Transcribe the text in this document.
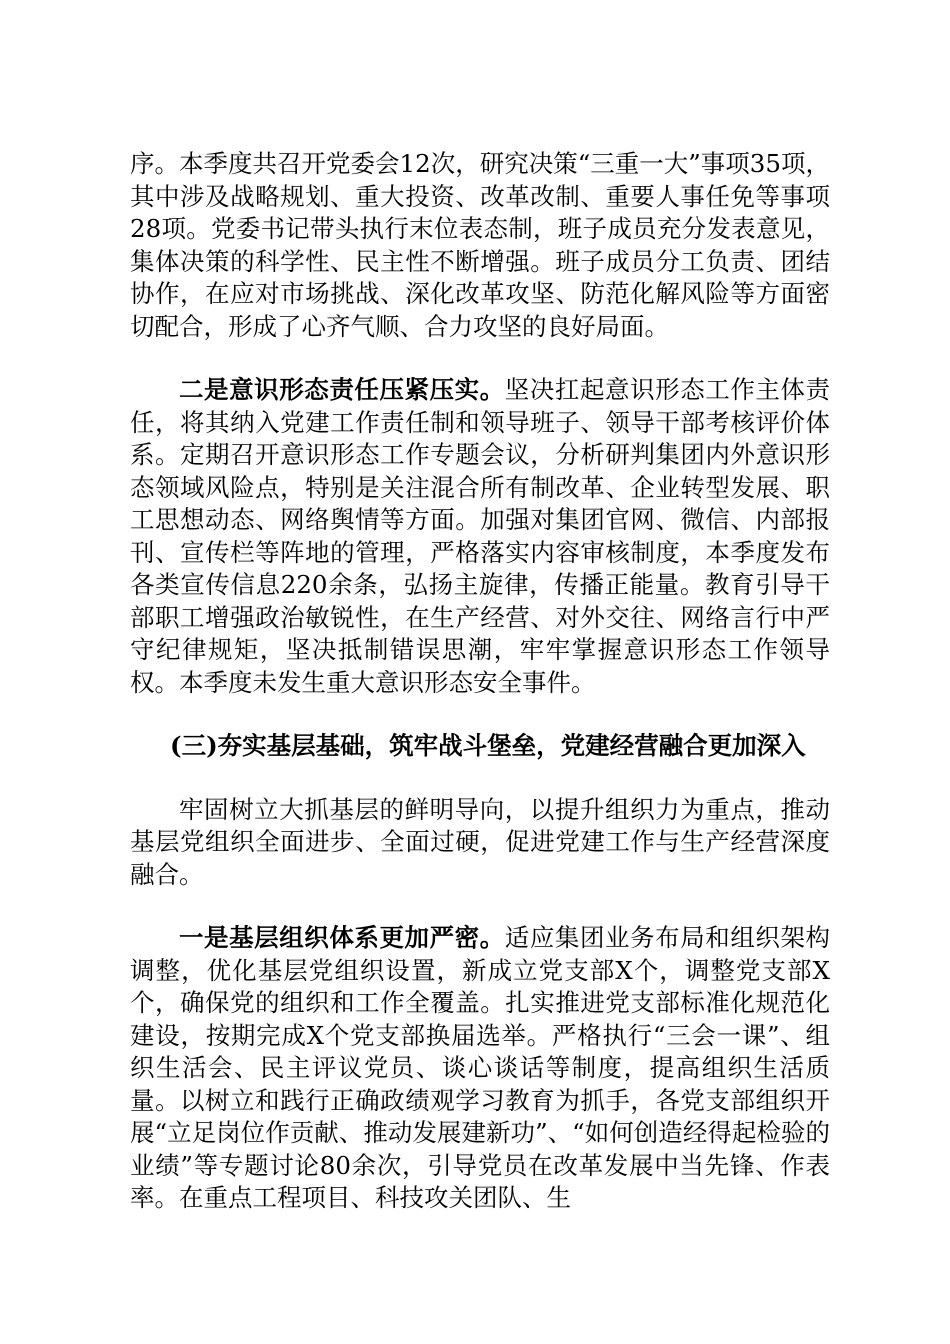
序。本季度共召开党委会12次，研究决策“三重一大”事项35项，其中涉及战略规划、重大投资、改革改制、重要人事任免等事项28项。党委书记带头执行末位表态制，班子成员充分发表意见，集体决策的科学性、民主性不断增强。班子成员分工负责、团结协作，在应对市场挑战、深化改革攻坚、防范化解风险等方面密切配合，形成了心齐气顺、合力攻坚的良好局面。

二是意识形态责任压紧压实。坚决扛起意识形态工作主体责任，将其纳入党建工作责任制和领导班子、领导干部考核评价体系。定期召开意识形态工作专题会议，分析研判集团内外意识形态领域风险点，特别是关注混合所有制改革、企业转型发展、职工思想动态、网络舆情等方面。加强对集团官网、微信、内部报刊、宣传栏等阵地的管理，严格落实内容审核制度，本季度发布各类宣传信息220余条，弘扬主旋律，传播正能量。教育引导干部职工增强政治敏锐性，在生产经营、对外交往、网络言行中严守纪律规矩，坚决抵制错误思潮，牢牢掌握意识形态工作领导权。本季度未发生重大意识形态安全事件。

(三)夯实基层基础，筑牢战斗堡垒，党建经营融合更加深入

牢固树立大抓基层的鲜明导向，以提升组织力为重点，推动基层党组织全面进步、全面过硬，促进党建工作与生产经营深度融合。

一是基层组织体系更加严密。适应集团业务布局和组织架构调整，优化基层党组织设置，新成立党支部X个，调整党支部X个，确保党的组织和工作全覆盖。扎实推进党支部标准化规范化建设，按期完成X个党支部换届选举。严格执行“三会一课”、组织生活会、民主评议党员、谈心谈话等制度，提高组织生活质量。以树立和践行正确政绩观学习教育为抓手，各党支部组织开展“立足岗位作贡献、推动发展建新功”、“如何创造经得起检验的业绩”等专题讨论80余次，引导党员在改革发展中当先锋、作表率。在重点工程项目、科技攻关团队、生
